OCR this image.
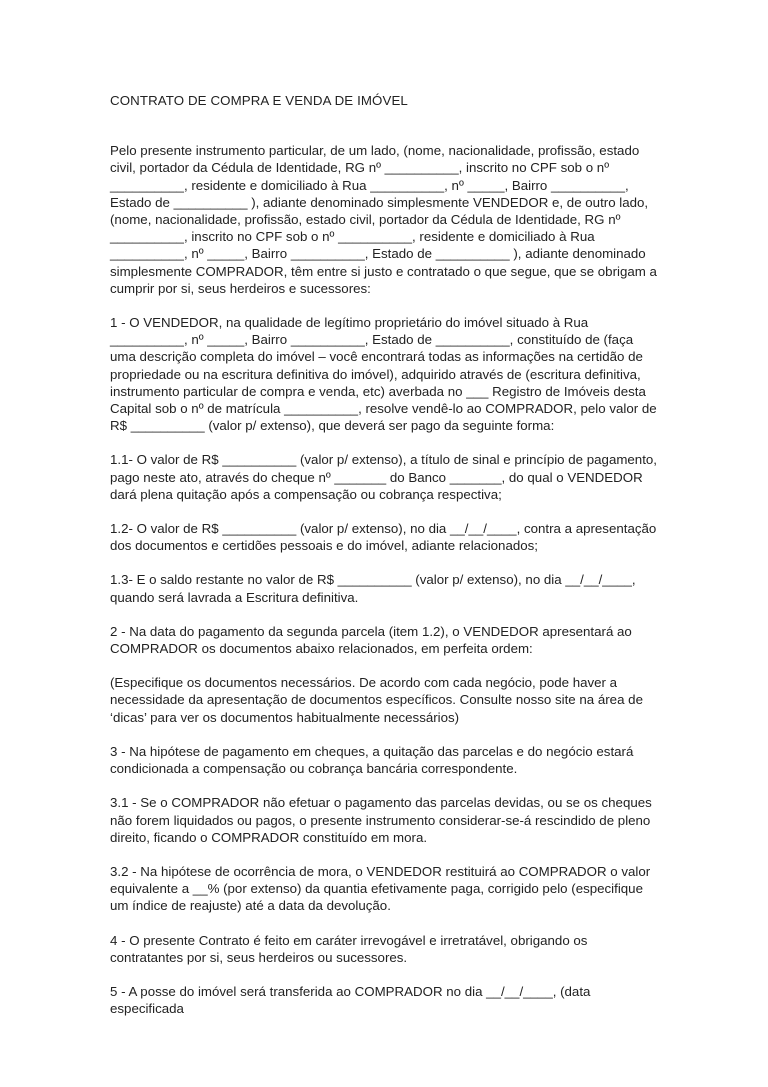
CONTRATO DE COMPRA E VENDA DE IMÓVEL

Pelo presente instrumento particular, de um lado, (nome, nacionalidade, profissão, estado civil, portador da Cédula de Identidade, RG nº __________, inscrito no CPF sob o nº __________, residente e domiciliado à Rua __________, nº _____, Bairro __________, Estado de __________ ), adiante denominado simplesmente VENDEDOR e, de outro lado, (nome, nacionalidade, profissão, estado civil, portador da Cédula de Identidade, RG nº __________, inscrito no CPF sob o nº __________, residente e domiciliado à Rua __________, nº _____, Bairro __________, Estado de __________ ), adiante denominado simplesmente COMPRADOR, têm entre si justo e contratado o que segue, que se obrigam a cumprir por si, seus herdeiros e sucessores:

1 - O VENDEDOR, na qualidade de legítimo proprietário do imóvel situado à Rua __________, nº _____, Bairro __________, Estado de __________, constituído de (faça uma descrição completa do imóvel – você encontrará todas as informações na certidão de propriedade ou na escritura definitiva do imóvel), adquirido através de (escritura definitiva, instrumento particular de compra e venda, etc) averbada no ___ Registro de Imóveis desta Capital sob o nº de matrícula __________, resolve vendê-lo ao COMPRADOR, pelo valor de R$ __________ (valor p/ extenso), que deverá ser pago da seguinte forma:

1.1- O valor de R$ __________ (valor p/ extenso), a título de sinal e princípio de pagamento, pago neste ato, através do cheque nº _______ do Banco _______, do qual o VENDEDOR dará plena quitação após a compensação ou cobrança respectiva;

1.2- O valor de R$ __________ (valor p/ extenso), no dia __/__/____, contra a apresentação dos documentos e certidões pessoais e do imóvel, adiante relacionados;

1.3- E o saldo restante no valor de R$ __________ (valor p/ extenso), no dia __/__/____, quando será lavrada a Escritura definitiva.

2 - Na data do pagamento da segunda parcela (item 1.2), o VENDEDOR apresentará ao COMPRADOR os documentos abaixo relacionados, em perfeita ordem:

(Especifique os documentos necessários. De acordo com cada negócio, pode haver a necessidade da apresentação de documentos específicos. Consulte nosso site na área de ‘dicas’ para ver os documentos habitualmente necessários)

3 - Na hipótese de pagamento em cheques, a quitação das parcelas e do negócio estará condicionada a compensação ou cobrança bancária correspondente.

3.1 - Se o COMPRADOR não efetuar o pagamento das parcelas devidas, ou se os cheques não forem liquidados ou pagos, o presente instrumento considerar-se-á rescindido de pleno direito, ficando o COMPRADOR constituído em mora.

3.2 - Na hipótese de ocorrência de mora, o VENDEDOR restituirá ao COMPRADOR o valor equivalente a __% (por extenso) da quantia efetivamente paga, corrigido pelo (especifique um índice de reajuste) até a data da devolução.

4 - O presente Contrato é feito em caráter irrevogável e irretratável, obrigando os contratantes por si, seus herdeiros ou sucessores.

5 - A posse do imóvel será transferida ao COMPRADOR no dia __/__/____, (data especificada
